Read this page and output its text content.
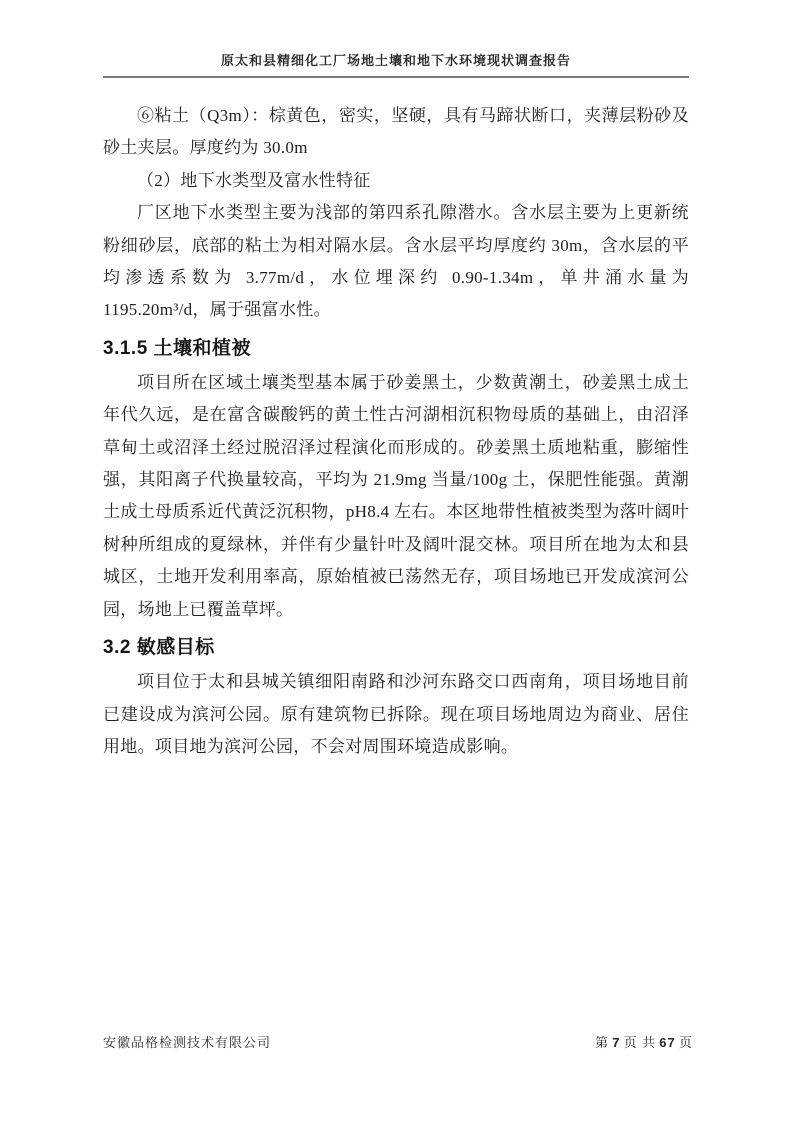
原太和县精细化工厂场地土壤和地下水环境现状调查报告

⑥粘土（Q3m）：棕黄色，密实，坚硬，具有马蹄状断口，夹薄层粉砂及砂土夹层。厚度约为 30.0m

（2）地下水类型及富水性特征

厂区地下水类型主要为浅部的第四系孔隙潜水。含水层主要为上更新统粉细砂层，底部的粘土为相对隔水层。含水层平均厚度约 30m，含水层的平均渗透系数为 3.77m/d，水位埋深约 0.90-1.34m，单井涌水量为 1195.20m³/d，属于强富水性。

3.1.5 土壤和植被

项目所在区域土壤类型基本属于砂姜黑土，少数黄潮土，砂姜黑土成土年代久远，是在富含碳酸钙的黄土性古河湖相沉积物母质的基础上，由沼泽草甸土或沼泽土经过脱沼泽过程演化而形成的。砂姜黑土质地粘重，膨缩性强，其阳离子代换量较高，平均为 21.9mg 当量/100g 土，保肥性能强。黄潮土成土母质系近代黄泛沉积物，pH8.4 左右。本区地带性植被类型为落叶阔叶树种所组成的夏绿林，并伴有少量针叶及阔叶混交林。项目所在地为太和县城区，土地开发利用率高，原始植被已荡然无存，项目场地已开发成滨河公园，场地上已覆盖草坪。

3.2 敏感目标

项目位于太和县城关镇细阳南路和沙河东路交口西南角，项目场地目前已建设成为滨河公园。原有建筑物已拆除。现在项目场地周边为商业、居住用地。项目地为滨河公园，不会对周围环境造成影响。

安徽品格检测技术有限公司	第 7 页 共 67 页
